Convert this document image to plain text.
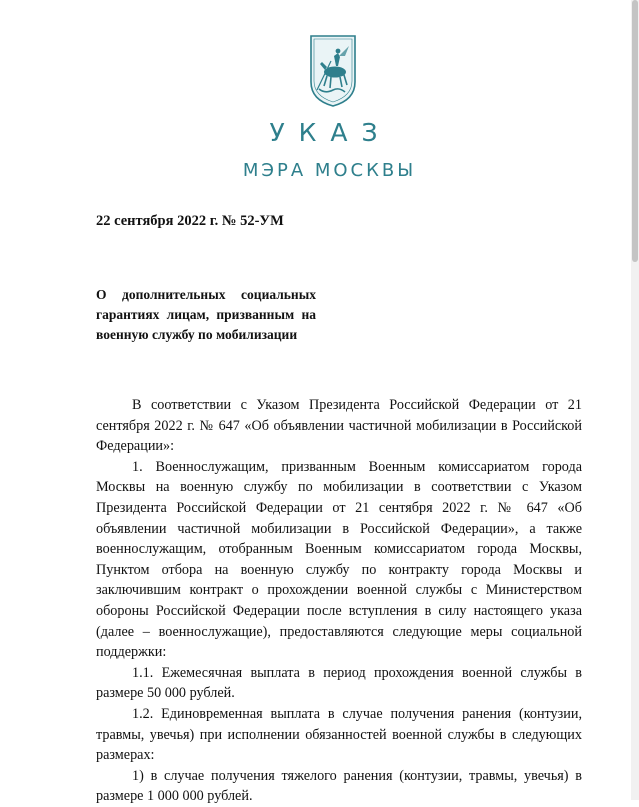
УКАЗ
МЭРА МОСКВЫ
22 сентября 2022 г. № 52-УМ
О дополнительных социальных гарантиях лицам, призванным на военную службу по мобилизации

В соответствии с Указом Президента Российской Федерации от 21 сентября 2022 г. № 647 «Об объявлении частичной мобилизации в Российской Федерации»:

1. Военнослужащим, призванным Военным комиссариатом города Москвы на военную службу по мобилизации в соответствии с Указом Президента Российской Федерации от 21 сентября 2022 г. № 647 «Об объявлении частичной мобилизации в Российской Федерации», а также военнослужащим, отобранным Военным комиссариатом города Москвы, Пунктом отбора на военную службу по контракту города Москвы и заключившим контракт о прохождении военной службы с Министерством обороны Российской Федерации после вступления в силу настоящего указа (далее – военнослужащие), предоставляются следующие меры социальной поддержки:

1.1. Ежемесячная выплата в период прохождения военной службы в размере 50 000 рублей.

1.2. Единовременная выплата в случае получения ранения (контузии, травмы, увечья) при исполнении обязанностей военной службы в следующих размерах:

1) в случае получения тяжелого ранения (контузии, травмы, увечья) в размере 1 000 000 рублей.
